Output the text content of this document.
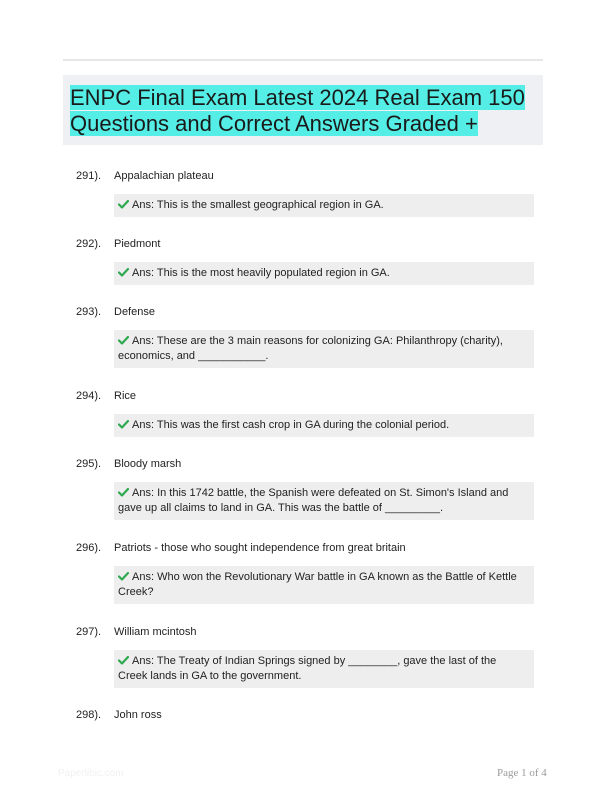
ENPC Final Exam Latest 2024 Real Exam 150
Questions and Correct Answers Graded +
291). Appalachian plateau
Ans: This is the smallest geographical region in GA.
292). Piedmont
Ans: This is the most heavily populated region in GA.
293). Defense
Ans: These are the 3 main reasons for colonizing GA: Philanthropy (charity), economics, and ___________.
294). Rice
Ans: This was the first cash crop in GA during the colonial period.
295). Bloody marsh
Ans: In this 1742 battle, the Spanish were defeated on St. Simon's Island and gave up all claims to land in GA. This was the battle of _________.
296). Patriots - those who sought independence from great britain
Ans: Who won the Revolutionary War battle in GA known as the Battle of Kettle Creek?
297). William mcintosh
Ans: The Treaty of Indian Springs signed by ________, gave the last of the Creek lands in GA to the government.
298). John ross
Paperlibic.com	Page 1 of 4
